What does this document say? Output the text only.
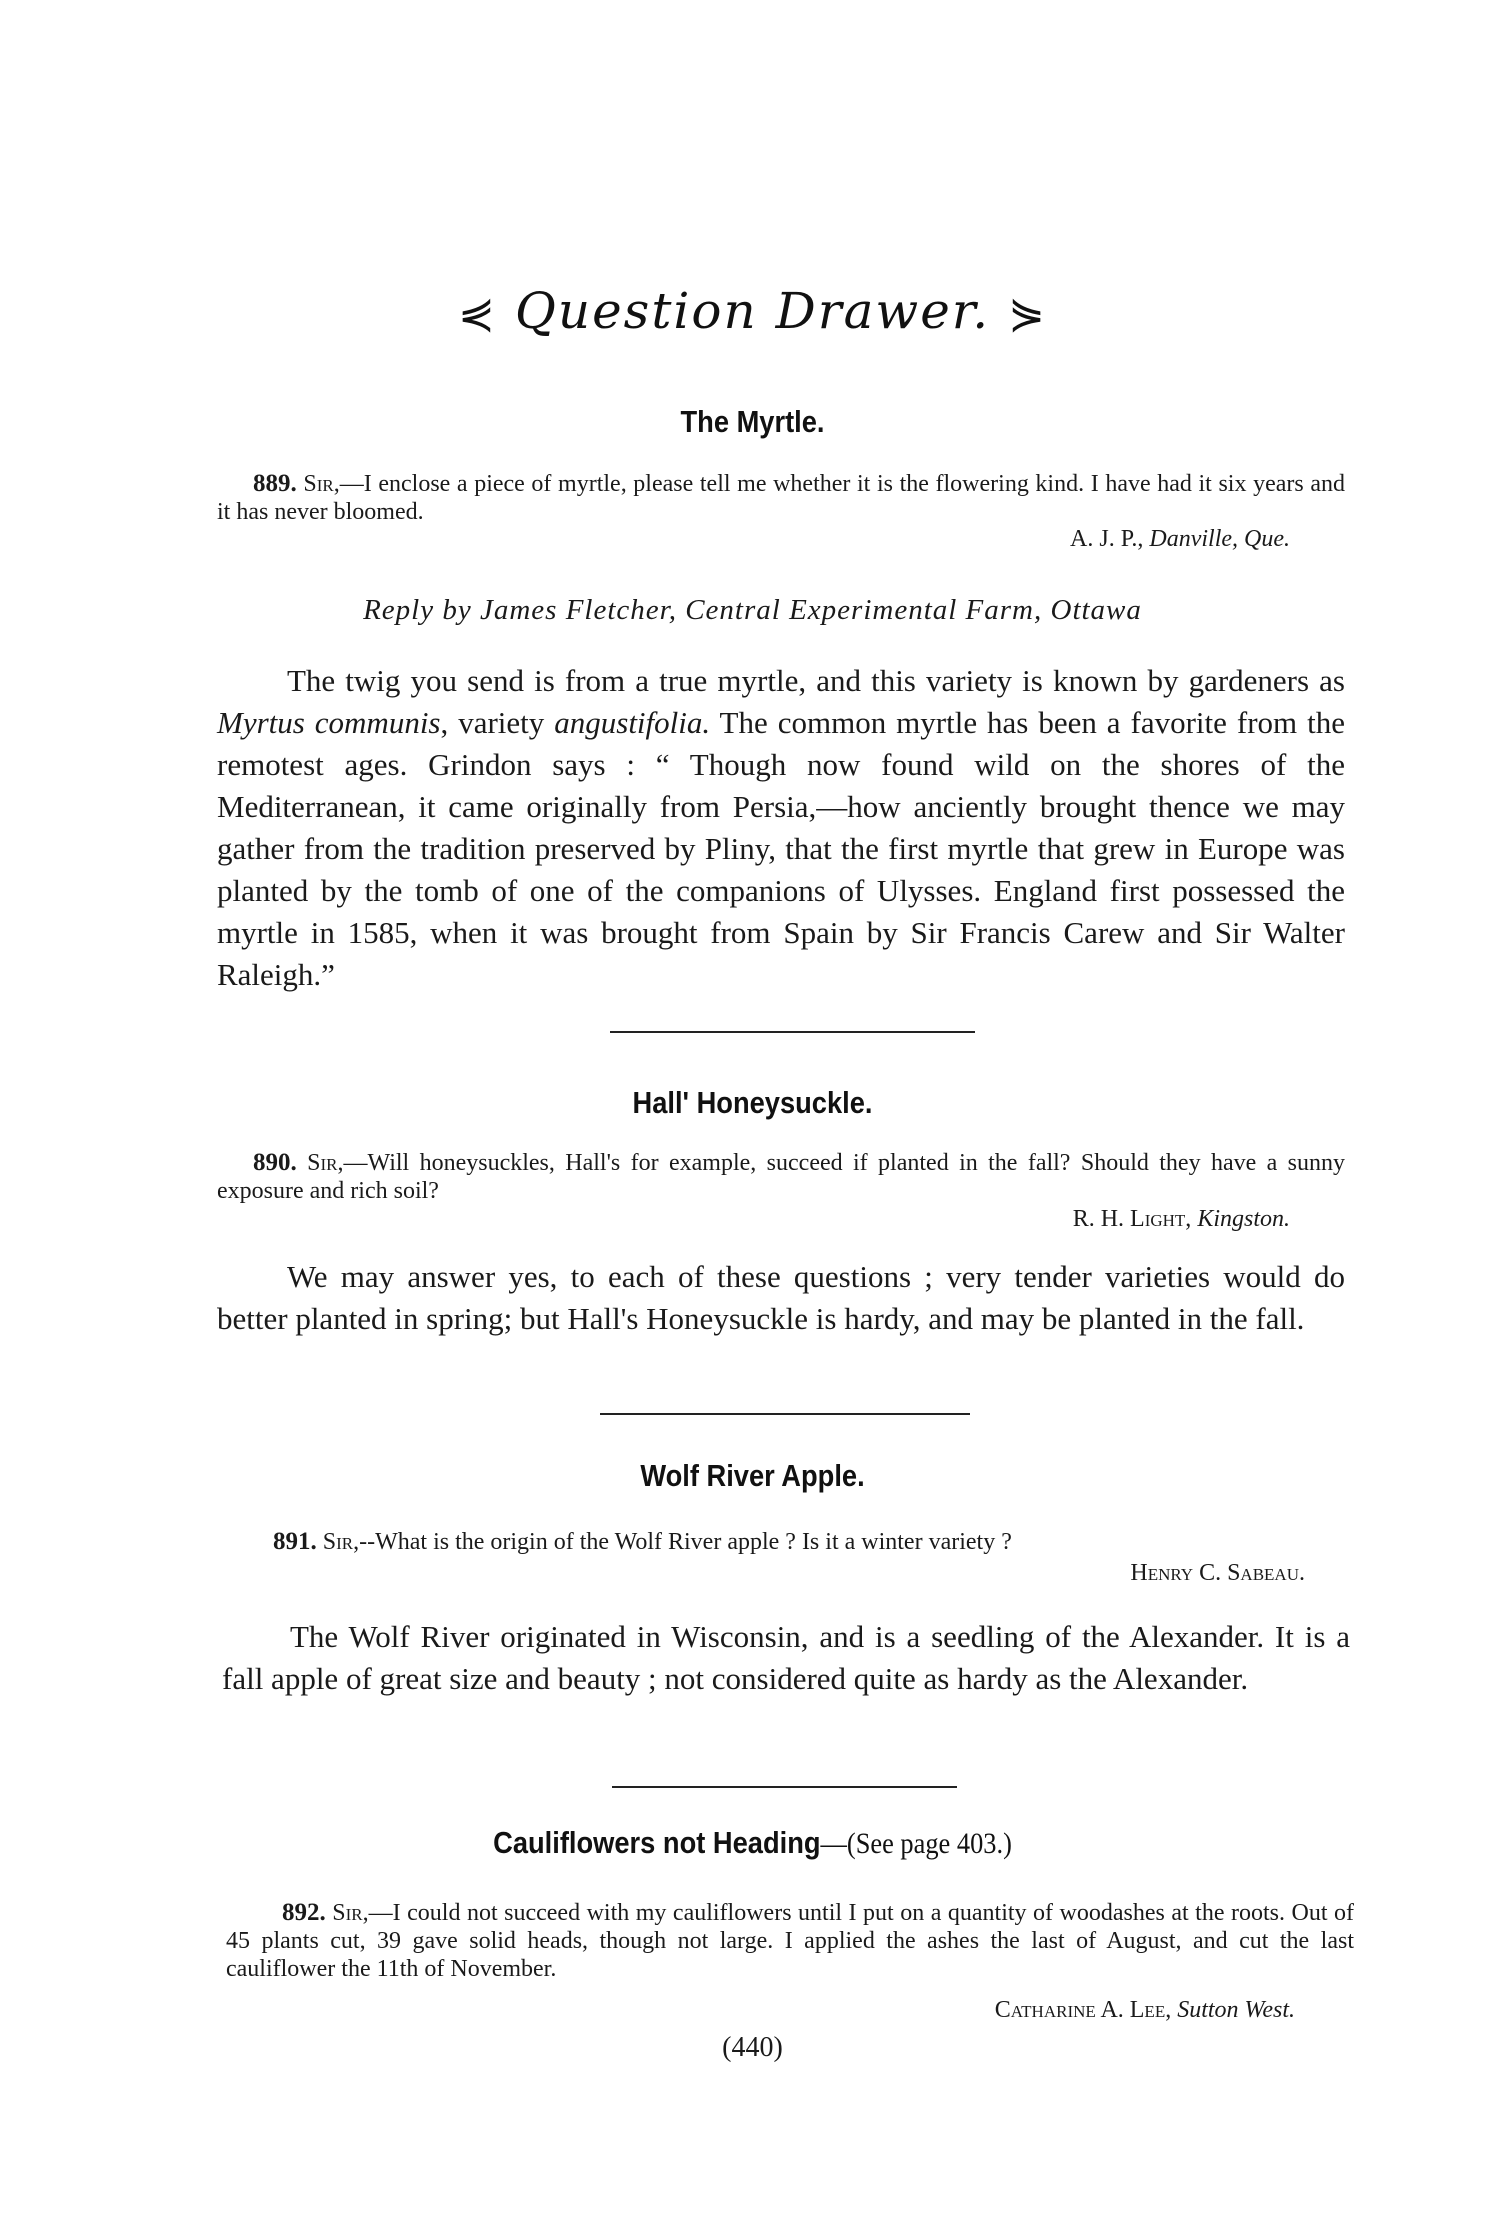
⋞ Question Drawer. ⋟
The Myrtle.
889. Sir,—I enclose a piece of myrtle, please tell me whether it is the flowering kind. I have had it six years and it has never bloomed.
A. J. P., Danville, Que.
Reply by James Fletcher, Central Experimental Farm, Ottawa
The twig you send is from a true myrtle, and this variety is known by gardeners as Myrtus communis, variety angustifolia. The common myrtle has been a favorite from the remotest ages. Grindon says : “ Though now found wild on the shores of the Mediterranean, it came originally from Persia,—how anciently brought thence we may gather from the tradition preserved by Pliny, that the first myrtle that grew in Europe was planted by the tomb of one of the companions of Ulysses. England first possessed the myrtle in 1585, when it was brought from Spain by Sir Francis Carew and Sir Walter Raleigh.”
Hall' Honeysuckle.
890. Sir,—Will honeysuckles, Hall's for example, succeed if planted in the fall? Should they have a sunny exposure and rich soil?
R. H. Light, Kingston.
We may answer yes, to each of these questions ; very tender varieties would do better planted in spring; but Hall's Honeysuckle is hardy, and may be planted in the fall.
Wolf River Apple.
891. Sir,--What is the origin of the Wolf River apple ? Is it a winter variety ?
Henry C. Sabeau.
The Wolf River originated in Wisconsin, and is a seedling of the Alexander. It is a fall apple of great size and beauty ; not considered quite as hardy as the Alexander.
Cauliflowers not Heading—(See page 403.)
892. Sir,—I could not succeed with my cauliflowers until I put on a quantity of woodashes at the roots. Out of 45 plants cut, 39 gave solid heads, though not large. I applied the ashes the last of August, and cut the last cauliflower the 11th of November.
Catharine A. Lee, Sutton West.
(440)
